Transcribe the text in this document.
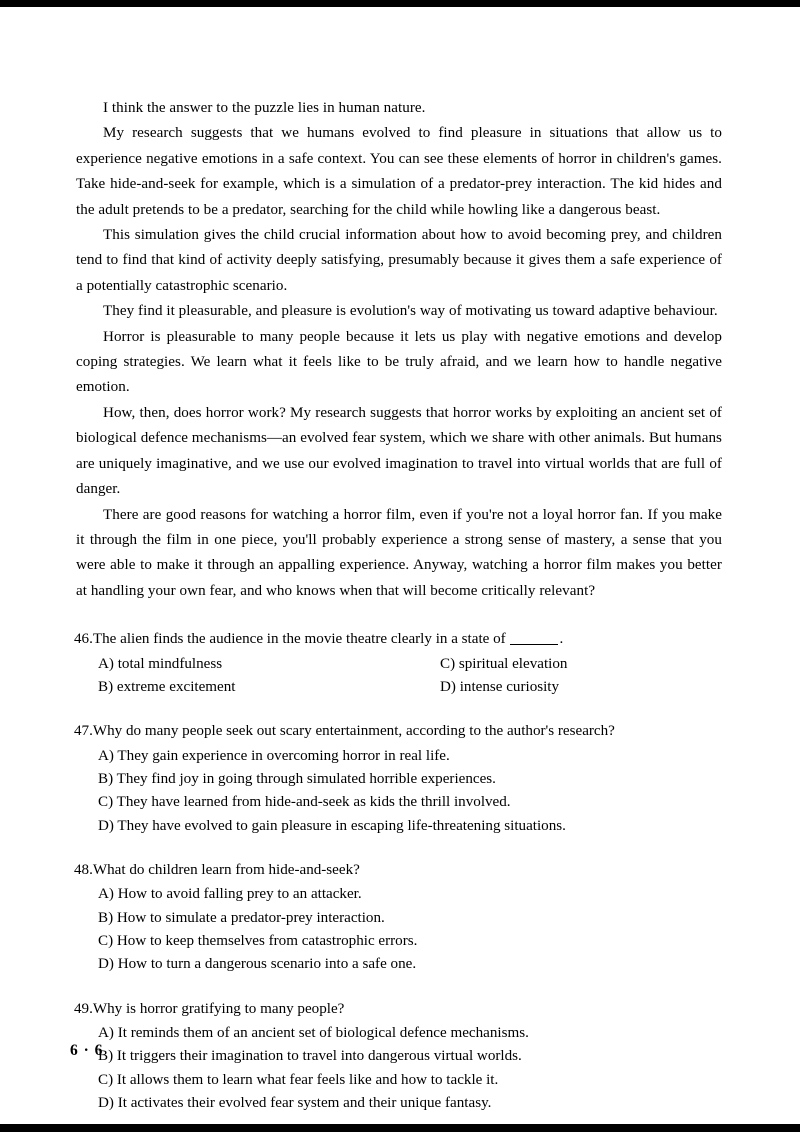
I think the answer to the puzzle lies in human nature.

My research suggests that we humans evolved to find pleasure in situations that allow us to experience negative emotions in a safe context. You can see these elements of horror in children's games. Take hide-and-seek for example, which is a simulation of a predator-prey interaction. The kid hides and the adult pretends to be a predator, searching for the child while howling like a dangerous beast.

This simulation gives the child crucial information about how to avoid becoming prey, and children tend to find that kind of activity deeply satisfying, presumably because it gives them a safe experience of a potentially catastrophic scenario.

They find it pleasurable, and pleasure is evolution's way of motivating us toward adaptive behaviour.

Horror is pleasurable to many people because it lets us play with negative emotions and develop coping strategies. We learn what it feels like to be truly afraid, and we learn how to handle negative emotion.

How, then, does horror work? My research suggests that horror works by exploiting an ancient set of biological defence mechanisms—an evolved fear system, which we share with other animals. But humans are uniquely imaginative, and we use our evolved imagination to travel into virtual worlds that are full of danger.

There are good reasons for watching a horror film, even if you're not a loyal horror fan. If you make it through the film in one piece, you'll probably experience a strong sense of mastery, a sense that you were able to make it through an appalling experience. Anyway, watching a horror film makes you better at handling your own fear, and who knows when that will become critically relevant?

46. The alien finds the audience in the movie theatre clearly in a state of	.
A) total mindfulness	C) spiritual elevation
B) extreme excitement	D) intense curiosity
47. Why do many people seek out scary entertainment, according to the author's research?
A) They gain experience in overcoming horror in real life.
B) They find joy in going through simulated horrible experiences.
C) They have learned from hide-and-seek as kids the thrill involved.
D) They have evolved to gain pleasure in escaping life-threatening situations.
48. What do children learn from hide-and-seek?
A) How to avoid falling prey to an attacker.
B) How to simulate a predator-prey interaction.
C) How to keep themselves from catastrophic errors.
D) How to turn a dangerous scenario into a safe one.
49. Why is horror gratifying to many people?
A) It reminds them of an ancient set of biological defence mechanisms.
B) It triggers their imagination to travel into dangerous virtual worlds.
C) It allows them to learn what fear feels like and how to tackle it.
D) It activates their evolved fear system and their unique fantasy.
6 · 6
